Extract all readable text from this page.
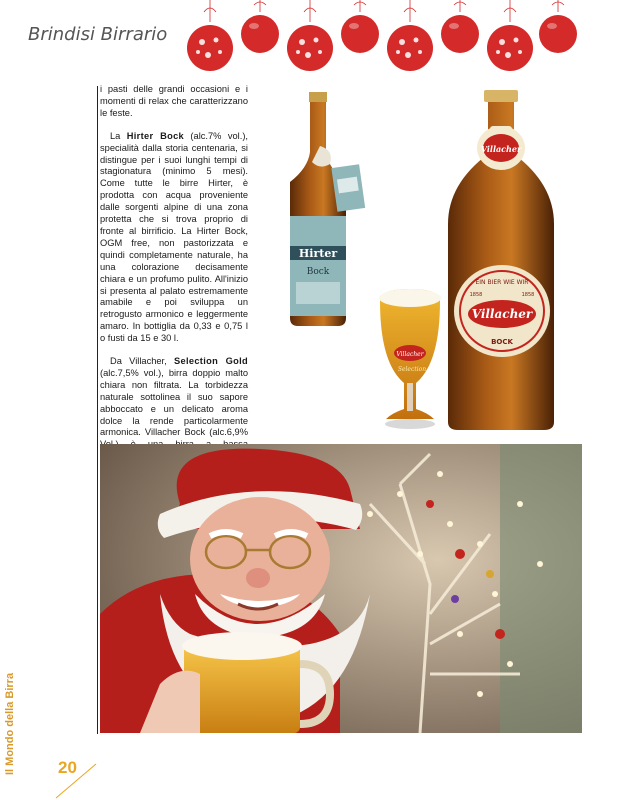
Brindisi Birrario

i pasti delle grandi occasioni e i momenti di relax che caratterizzano le feste.

La Hirter Bock (alc.7% vol.), specialità dalla storia centenaria, si distingue per i suoi lunghi tempi di stagionatura (minimo 5 mesi). Come tutte le birre Hirter, è prodotta con acqua proveniente dalle sorgenti alpine di una zona protetta che si trova proprio di fronte al birrificio. La Hirter Bock, OGM free, non pastorizzata e quindi completamente naturale, ha una colorazione decisamente chiara e un profumo pulito. All'inizio si presenta al palato estremamente amabile e poi sviluppa un retrogusto armonico e leggermente amaro. In bottiglia da 0,33 e 0,75 l o fusti da 15 e 30 l.

Da Villacher, Selection Gold (alc.7,5% vol.), birra doppio malto chiara non filtrata. La torbidezza naturale sottolinea il suo sapore abboccato e un delicato aroma dolce la rende particolarmente armonica. Villacher Bock (alc.6,9%

Hirter
Bock
Villacher
EIN BIER WIE WIR
1858	1858
Villacher
BOCK
Villacher
Selection
Il Mondo della Birra 20
